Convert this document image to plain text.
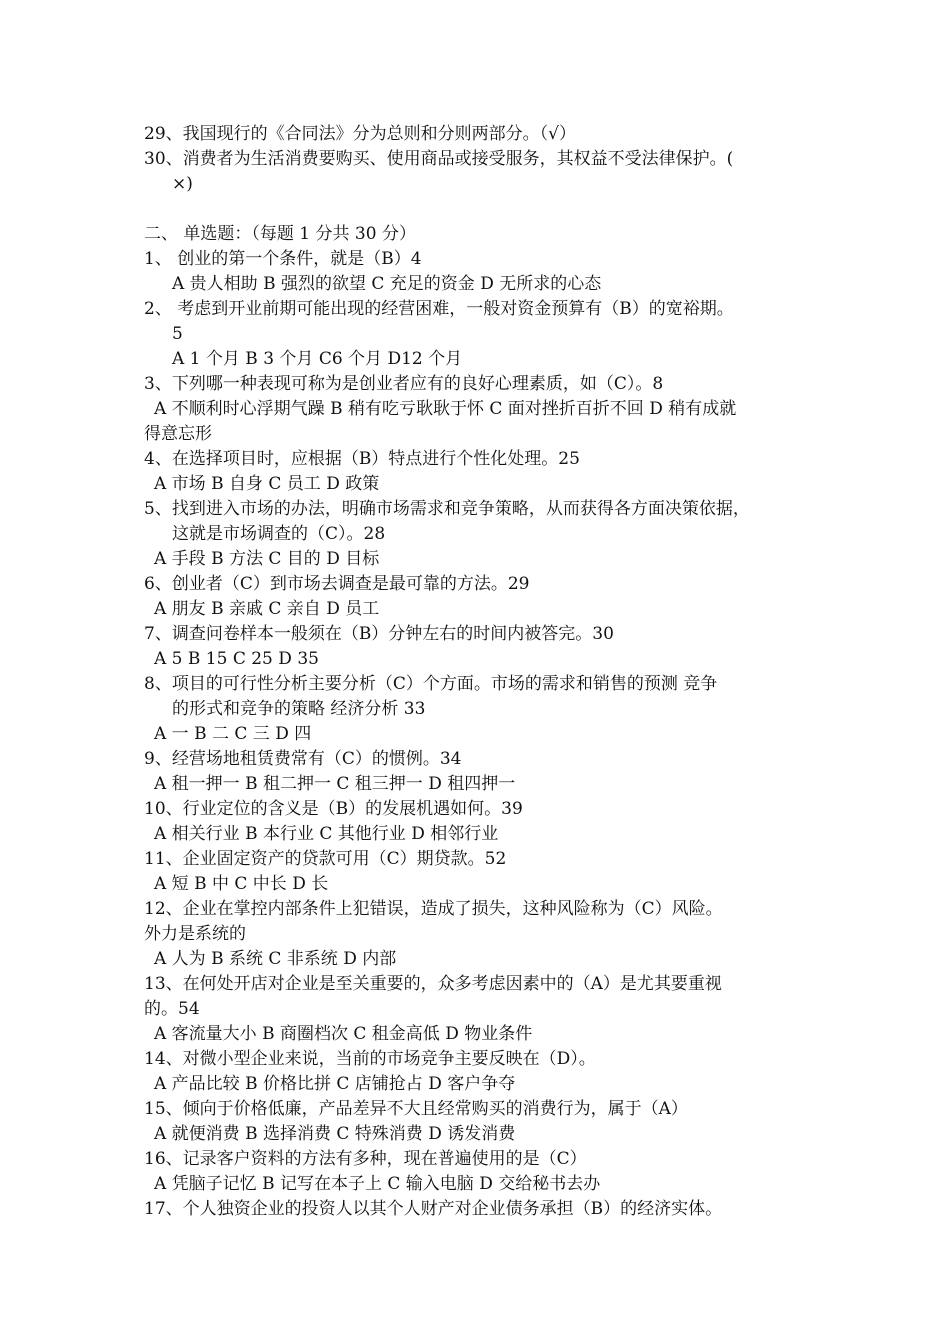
29、我国现行的《合同法》分为总则和分则两部分。（√）
30、消费者为生活消费要购买、使用商品或接受服务，其权益不受法律保护。(
×)
二、 单选题：（每题 1 分共 30 分）
1、 创业的第一个条件，就是（B）4
A 贵人相助 B 强烈的欲望 C 充足的资金 D 无所求的心态
2、 考虑到开业前期可能出现的经营困难，一般对资金预算有（B）的宽裕期。
5
A 1 个月 B 3 个月 C6 个月 D12 个月
3、下列哪一种表现可称为是创业者应有的良好心理素质，如（C）。8
A 不顺利时心浮期气躁 B 稍有吃亏耿耿于怀 C 面对挫折百折不回 D 稍有成就
得意忘形
4、在选择项目时，应根据（B）特点进行个性化处理。25
A 市场 B 自身 C 员工 D 政策
5、找到进入市场的办法，明确市场需求和竞争策略，从而获得各方面决策依据，
这就是市场调查的（C）。28
A 手段 B 方法 C 目的 D 目标
6、创业者（C）到市场去调查是最可靠的方法。29
A 朋友 B 亲戚 C 亲自 D 员工
7、调查问卷样本一般须在（B）分钟左右的时间内被答完。30
A 5 B 15 C 25 D 35
8、项目的可行性分析主要分析（C）个方面。市场的需求和销售的预测 竞争
的形式和竞争的策略 经济分析 33
A 一 B 二 C 三 D 四
9、经营场地租赁费常有（C）的惯例。34
A 租一押一 B 租二押一 C 租三押一 D 租四押一
10、行业定位的含义是（B）的发展机遇如何。39
A 相关行业 B 本行业 C 其他行业 D 相邻行业
11、企业固定资产的贷款可用（C）期贷款。52
A 短 B 中 C 中长 D 长
12、企业在掌控内部条件上犯错误，造成了损失，这种风险称为（C）风险。
外力是系统的
A 人为 B 系统 C 非系统 D 内部
13、在何处开店对企业是至关重要的，众多考虑因素中的（A）是尤其要重视
的。54
A 客流量大小 B 商圈档次 C 租金高低 D 物业条件
14、对微小型企业来说，当前的市场竞争主要反映在（D）。
A 产品比较 B 价格比拼 C 店铺抢占 D 客户争夺
15、倾向于价格低廉，产品差异不大且经常购买的消费行为，属于（A）
A 就便消费 B 选择消费 C 特殊消费 D 诱发消费
16、记录客户资料的方法有多种，现在普遍使用的是（C）
A 凭脑子记忆 B 记写在本子上 C 输入电脑 D 交给秘书去办
17、个人独资企业的投资人以其个人财产对企业债务承担（B）的经济实体。
